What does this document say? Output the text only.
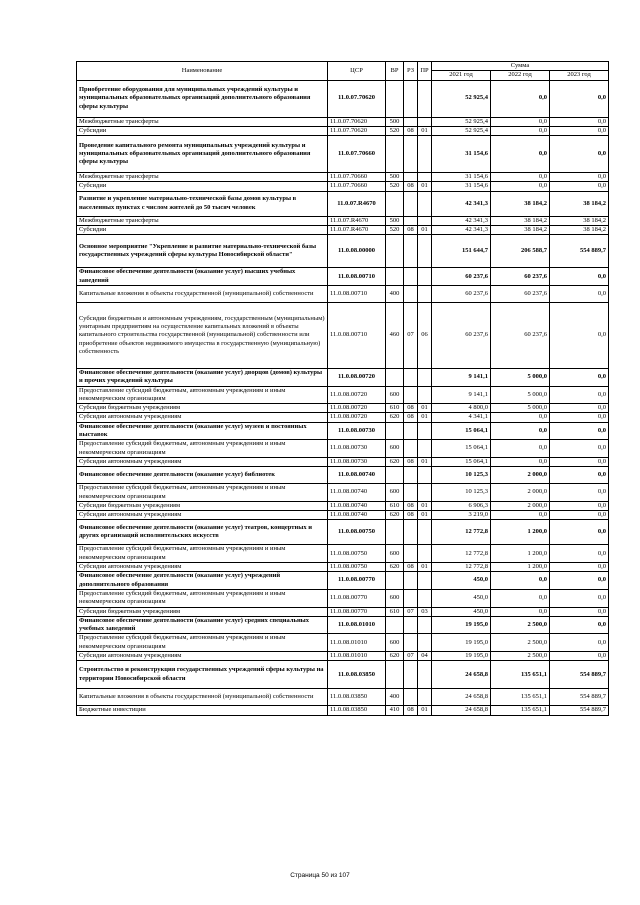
Наименование	ЦСР	ВР	РЗ	ПР	Сумма		
					2021 год	2022 год	2023 год
Приобретение оборудования для муниципальных учреждений культуры и муниципальных образовательных организаций дополнительного образования сферы культуры	11.0.07.70620				52 925,4	0,0	0,0
Межбюджетные трансферты	11.0.07.70620	500			52 925,4	0,0	0,0
Субсидии	11.0.07.70620	520	08	01	52 925,4	0,0	0,0
Проведение капитального ремонта муниципальных учреждений культуры и муниципальных образовательных организаций дополнительного образования сферы культуры	11.0.07.70660				31 154,6	0,0	0,0
Межбюджетные трансферты	11.0.07.70660	500			31 154,6	0,0	0,0
Субсидии	11.0.07.70660	520	08	01	31 154,6	0,0	0,0
Развитие и укрепление материально-технической базы домов культуры в населенных пунктах с числом жителей до 50 тысяч человек	11.0.07.R4670				42 341,3	38 184,2	38 184,2
Межбюджетные трансферты	11.0.07.R4670	500			42 341,3	38 184,2	38 184,2
Субсидии	11.0.07.R4670	520	08	01	42 341,3	38 184,2	38 184,2
Основное мероприятие "Укрепление и развитие материально-технической базы государственных учреждений сферы культуры Новосибирской области"	11.0.08.00000				151 644,7	206 588,7	554 889,7
Финансовое обеспечение деятельности (оказание услуг) высших учебных заведений	11.0.08.00710				60 237,6	60 237,6	0,0
Капитальные вложения в объекты государственной (муниципальной) собственности	11.0.08.00710	400			60 237,6	60 237,6	0,0
Субсидии бюджетным и автономным учреждениям, государственным (муниципальным) унитарным предприятиям на осуществление капитальных вложений в объекты капитального строительства государственной (муниципальной) собственности или приобретение объектов недвижимого имущества в государственную (муниципальную) собственность	11.0.08.00710	460	07	06	60 237,6	60 237,6	0,0
Финансовое обеспечение деятельности (оказание услуг) дворцов (домов) культуры и прочих учреждений культуры	11.0.08.00720				9 141,1	5 000,0	0,0
Предоставление субсидий бюджетным, автономным учреждениям и иным некоммерческим организациям	11.0.08.00720	600			9 141,1	5 000,0	0,0
Субсидии бюджетным учреждениям	11.0.08.00720	610	08	01	4 800,0	5 000,0	0,0
Субсидии автономным учреждениям	11.0.08.00720	620	08	01	4 341,1	0,0	0,0
Финансовое обеспечение деятельности (оказание услуг) музеев и постоянных выставок	11.0.08.00730				15 064,1	0,0	0,0
Предоставление субсидий бюджетным, автономным учреждениям и иным некоммерческим организациям	11.0.08.00730	600			15 064,1	0,0	0,0
Субсидии автономным учреждениям	11.0.08.00730	620	08	01	15 064,1	0,0	0,0
Финансовое обеспечение деятельности (оказание услуг) библиотек	11.0.08.00740				10 125,3	2 000,0	0,0
Предоставление субсидий бюджетным, автономным учреждениям и иным некоммерческим организациям	11.0.08.00740	600			10 125,3	2 000,0	0,0
Субсидии бюджетным учреждениям	11.0.08.00740	610	08	01	6 906,3	2 000,0	0,0
Субсидии автономным учреждениям	11.0.08.00740	620	08	01	3 219,0	0,0	0,0
Финансовое обеспечение деятельности (оказание услуг) театров, концертных и других организаций исполнительских искусств	11.0.08.00750				12 772,8	1 200,0	0,0
Предоставление субсидий бюджетным, автономным учреждениям и иным некоммерческим организациям	11.0.08.00750	600			12 772,8	1 200,0	0,0
Субсидии автономным учреждениям	11.0.08.00750	620	08	01	12 772,8	1 200,0	0,0
Финансовое обеспечение деятельности (оказание услуг) учреждений дополнительного образования	11.0.08.00770				450,0	0,0	0,0
Предоставление субсидий бюджетным, автономным учреждениям и иным некоммерческим организациям	11.0.08.00770	600			450,0	0,0	0,0
Субсидии бюджетным учреждениям	11.0.08.00770	610	07	03	450,0	0,0	0,0
Финансовое обеспечение деятельности (оказание услуг) средних специальных учебных заведений	11.0.08.01010				19 195,0	2 500,0	0,0
Предоставление субсидий бюджетным, автономным учреждениям и иным некоммерческим организациям	11.0.08.01010	600			19 195,0	2 500,0	0,0
Субсидии автономным учреждениям	11.0.08.01010	620	07	04	19 195,0	2 500,0	0,0
Строительство и реконструкция государственных учреждений сферы культуры на территории Новосибирской области	11.0.08.03850				24 658,8	135 651,1	554 889,7
Капитальные вложения в объекты государственной (муниципальной) собственности	11.0.08.03850	400			24 658,8	135 651,1	554 889,7
Бюджетные инвестиции	11.0.08.03850	410	08	01	24 658,8	135 651,1	554 889,7
Страница 50 из 107
